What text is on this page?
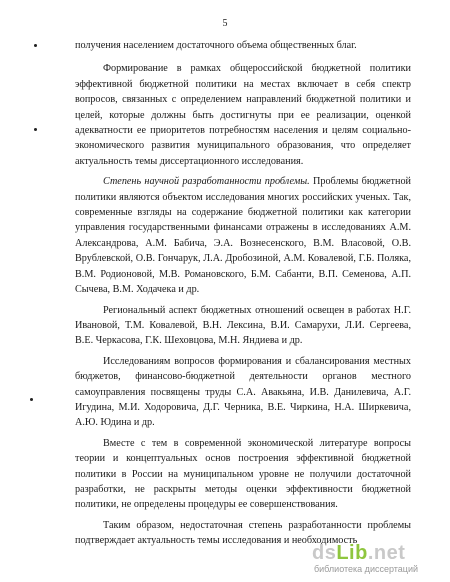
5

получения населением достаточного объема общественных благ.

Формирование в рамках общероссийской бюджетной политики эффективной бюджетной политики на местах включает в себя спектр вопросов, связанных с определением направлений бюджетной политики и целей, которые должны быть достигнуты при ее реализации, оценкой адекватности ее приоритетов потребностям населения и целям социально-экономического развития муниципального образования, что определяет актуальность темы диссертационного исследования.

Степень научной разработанности проблемы. Проблемы бюджетной политики являются объектом исследования многих российских ученых. Так, современные взгляды на содержание бюджетной политики как категории управления государственными финансами отражены в исследованиях А.М. Александрова, А.М. Бабича, Э.А. Вознесенского, В.М. Власовой, О.В. Врублевской, О.В. Гончарук, Л.А. Дробозиной, А.М. Ковалевой, Г.Б. Поляка, В.М. Родионовой, М.В. Романовского, Б.М. Сабанти, В.П. Семенова, А.П. Сычева, В.М. Ходачека и др.

Региональный аспект бюджетных отношений освещен в работах Н.Г. Ивановой, Т.М. Ковалевой, В.Н. Лексина, В.И. Самарухи, Л.И. Сергеева, В.Е. Черкасова, Г.К. Шеховцова, М.Н. Яндиева и др.

Исследованиям вопросов формирования и сбалансирования местных бюджетов, финансово-бюджетной деятельности органов местного самоуправления посвящены труды С.А. Авакьяна, И.В. Данилевича, А.Г. Игудина, М.И. Ходоровича, Д.Г. Черника, В.Е. Чиркина, Н.А. Ширкевича, А.Ю. Юдина и др.

Вместе с тем в современной экономической литературе вопросы теории и концептуальных основ построения эффективной бюджетной политики в России на муниципальном уровне не получили достаточной разработки, не раскрыты методы оценки эффективности бюджетной политики, не определены процедуры ее совершенствования.

Таким образом, недостаточная степень разработанности проблемы подтверждает актуальность темы исследования и необходимость

dsLib.net
библиотека диссертаций
